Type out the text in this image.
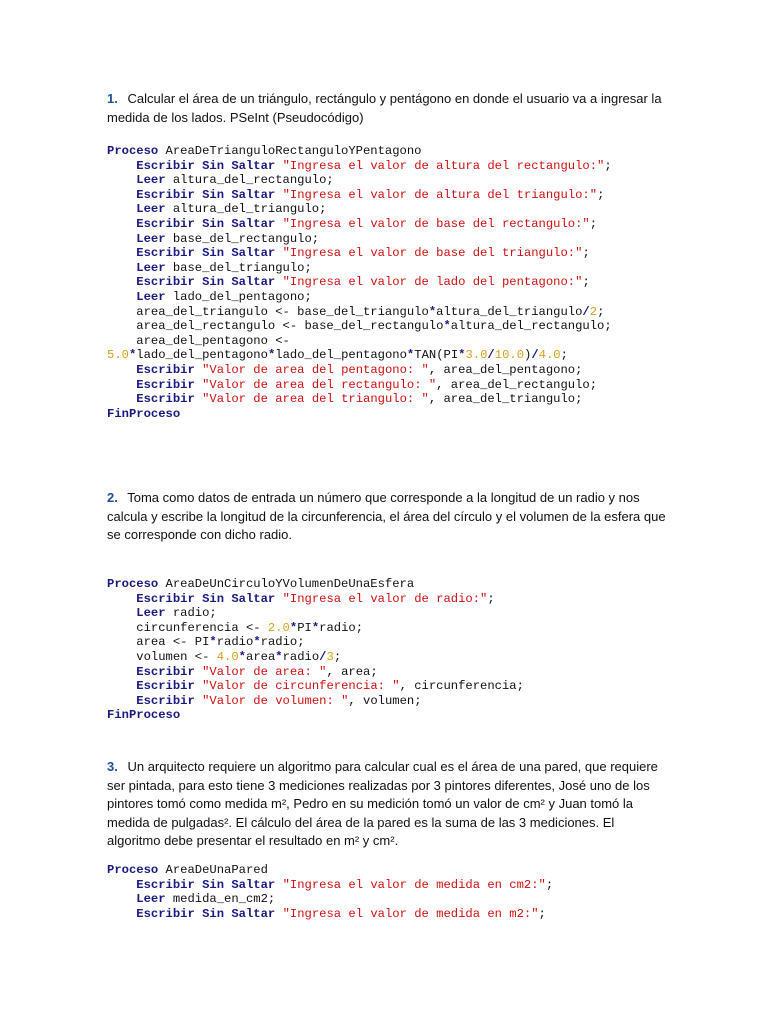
1. Calcular el área de un triángulo, rectángulo y pentágono en donde el usuario va a ingresar la medida de los lados. PSeInt (Pseudocódigo)
Proceso AreaDeTrianguloRectanguloYPentagono
Escribir Sin Saltar "Ingresa el valor de altura del rectangulo:";
Leer altura_del_rectangulo;
Escribir Sin Saltar "Ingresa el valor de altura del triangulo:";
Leer altura_del_triangulo;
Escribir Sin Saltar "Ingresa el valor de base del rectangulo:";
Leer base_del_rectangulo;
Escribir Sin Saltar "Ingresa el valor de base del triangulo:";
Leer base_del_triangulo;
Escribir Sin Saltar "Ingresa el valor de lado del pentagono:";
Leer lado_del_pentagono;
area_del_triangulo <- base_del_triangulo*altura_del_triangulo/2;
area_del_rectangulo <- base_del_rectangulo*altura_del_rectangulo;
area_del_pentagono <-
5.0*lado_del_pentagono*lado_del_pentagono*TAN(PI*3.0/10.0)/4.0;
Escribir "Valor de area del pentagono: ", area_del_pentagono;
Escribir "Valor de area del rectangulo: ", area_del_rectangulo;
Escribir "Valor de area del triangulo: ", area_del_triangulo;
FinProceso
2. Toma como datos de entrada un número que corresponde a la longitud de un radio y nos calcula y escribe la longitud de la circunferencia, el área del círculo y el volumen de la esfera que se corresponde con dicho radio.
Proceso AreaDeUnCirculoYVolumenDeUnaEsfera
Escribir Sin Saltar "Ingresa el valor de radio:";
Leer radio;
circunferencia <- 2.0*PI*radio;
area <- PI*radio*radio;
volumen <- 4.0*area*radio/3;
Escribir "Valor de area: ", area;
Escribir "Valor de circunferencia: ", circunferencia;
Escribir "Valor de volumen: ", volumen;
FinProceso
3. Un arquitecto requiere un algoritmo para calcular cual es el área de una pared, que requiere ser pintada, para esto tiene 3 mediciones realizadas por 3 pintores diferentes, José uno de los pintores tomó como medida m², Pedro en su medición tomó un valor de cm² y Juan tomó la medida de pulgadas². El cálculo del área de la pared es la suma de las 3 mediciones. El algoritmo debe presentar el resultado en m² y cm².
Proceso AreaDeUnaPared
Escribir Sin Saltar "Ingresa el valor de medida en cm2:";
Leer medida_en_cm2;
Escribir Sin Saltar "Ingresa el valor de medida en m2:";
